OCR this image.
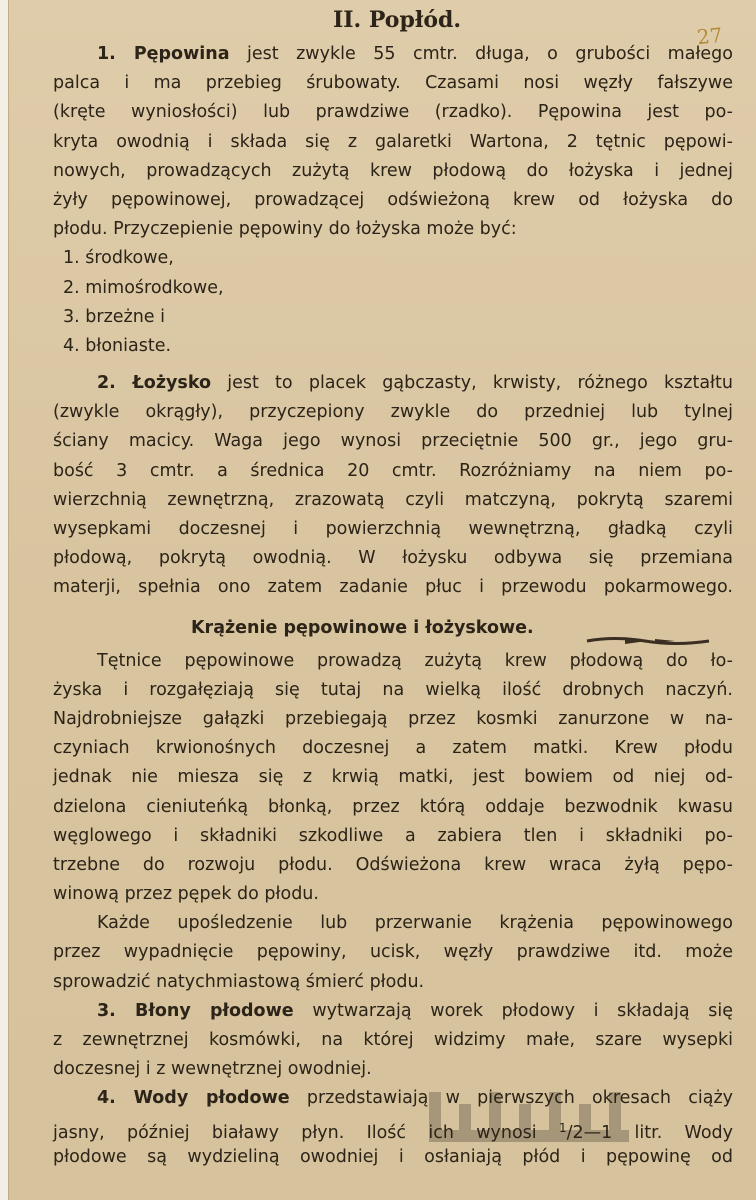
27
II. Popłód.
1. Pępowina jest zwykle 55 cmtr. długa, o grubości małego
palca i ma przebieg śrubowaty. Czasami nosi węzły fałszywe
(kręte wyniosłości) lub prawdziwe (rzadko). Pępowina jest po-
kryta owodnią i składa się z galaretki Wartona, 2 tętnic pępowi-
nowych, prowadzących zużytą krew płodową do łożyska i jednej
żyły pępowinowej, prowadzącej odświeżoną krew od łożyska do
płodu. Przyczepienie pępowiny do łożyska może być:
1. środkowe,
2. mimośrodkowe,
3. brzeżne i
4. błoniaste.
2. Łożysko jest to placek gąbczasty, krwisty, różnego kształtu
(zwykle okrągły), przyczepiony zwykle do przedniej lub tylnej
ściany macicy. Waga jego wynosi przeciętnie 500 gr., jego gru-
bość 3 cmtr. a średnica 20 cmtr. Rozróżniamy na niem po-
wierzchnią zewnętrzną, zrazowatą czyli matczyną, pokrytą szaremi
wysepkami doczesnej i powierzchnią wewnętrzną, gładką czyli
płodową, pokrytą owodnią. W łożysku odbywa się przemiana
materji, spełnia ono zatem zadanie płuc i przewodu pokarmowego.
Krążenie pępowinowe i łożyskowe.
Tętnice pępowinowe prowadzą zużytą krew płodową do ło-
żyska i rozgałęziają się tutaj na wielką ilość drobnych naczyń.
Najdrobniejsze gałązki przebiegają przez kosmki zanurzone w na-
czyniach krwionośnych doczesnej a zatem matki. Krew płodu
jednak nie miesza się z krwią matki, jest bowiem od niej od-
dzielona cieniuteńką błonką, przez którą oddaje bezwodnik kwasu
węglowego i składniki szkodliwe a zabiera tlen i składniki po-
trzebne do rozwoju płodu. Odświeżona krew wraca żyłą pępo-
winową przez pępek do płodu.
Każde upośledzenie lub przerwanie krążenia pępowinowego
przez wypadnięcie pępowiny, ucisk, węzły prawdziwe itd. może
sprowadzić natychmiastową śmierć płodu.
3. Błony płodowe wytwarzają worek płodowy i składają się
z zewnętrznej kosmówki, na której widzimy małe, szare wysepki
doczesnej i z wewnętrznej owodniej.
4. Wody płodowe przedstawiają w pierwszych okresach ciąży
jasny, później białawy płyn. Ilość ich wynosi $^1$/2—1 litr. Wody
płodowe są wydzieliną owodniej i osłaniają płód i pępowinę od
